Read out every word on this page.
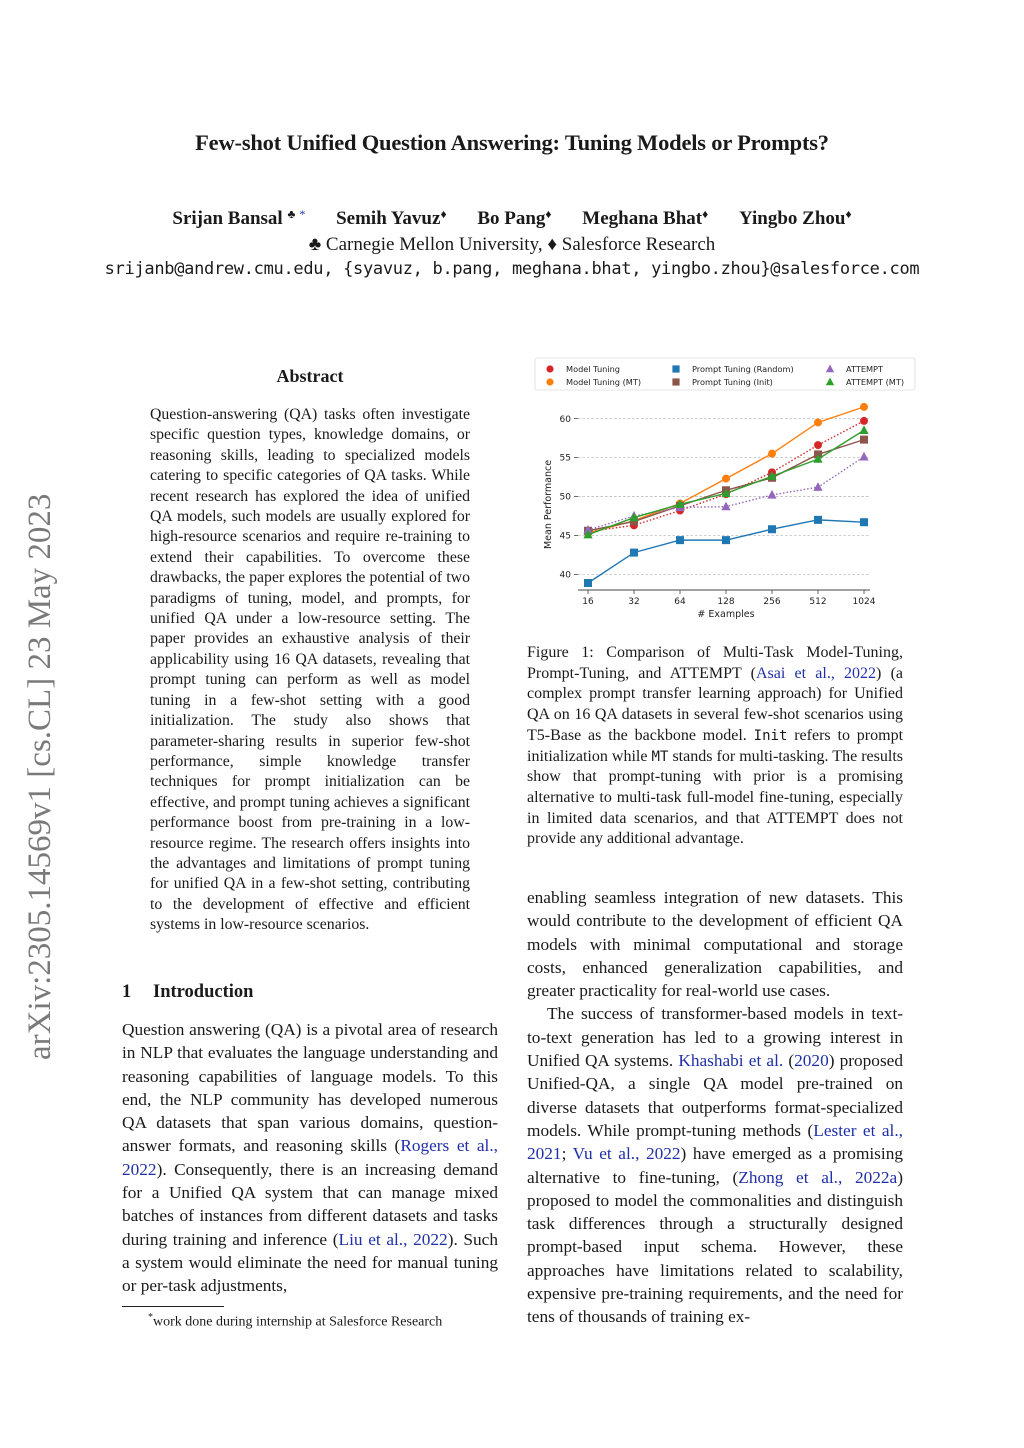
arXiv:2305.14569v1 [cs.CL] 23 May 2023
Few-shot Unified Question Answering: Tuning Models or Prompts?
Srijan Bansal ♣ * Semih Yavuz♦ Bo Pang♦ Meghana Bhat♦ Yingbo Zhou♦
♣ Carnegie Mellon University, ♦ Salesforce Research
srijanb@andrew.cmu.edu, {syavuz, b.pang, meghana.bhat, yingbo.zhou}@salesforce.com
Abstract
Question-answering (QA) tasks often investigate specific question types, knowledge domains, or reasoning skills, leading to specialized models catering to specific categories of QA tasks. While recent research has explored the idea of unified QA models, such models are usually explored for high-resource scenarios and require re-training to extend their capabilities. To overcome these drawbacks, the paper explores the potential of two paradigms of tuning, model, and prompts, for unified QA under a low-resource setting. The paper provides an exhaustive analysis of their applicability using 16 QA datasets, revealing that prompt tuning can perform as well as model tuning in a few-shot setting with a good initialization. The study also shows that parameter-sharing results in superior few-shot performance, simple knowledge transfer techniques for prompt initialization can be effective, and prompt tuning achieves a significant performance boost from pre-training in a low-resource regime. The research offers insights into the advantages and limitations of prompt tuning for unified QA in a few-shot setting, contributing to the development of effective and efficient systems in low-resource scenarios.
1 Introduction

Question answering (QA) is a pivotal area of research in NLP that evaluates the language understanding and reasoning capabilities of language models. To this end, the NLP community has developed numerous QA datasets that span various domains, question-answer formats, and reasoning skills (Rogers et al., 2022). Consequently, there is an increasing demand for a Unified QA system that can manage mixed batches of instances from different datasets and tasks during training and inference (Liu et al., 2022). Such a system would eliminate the need for manual tuning or per-task adjustments,

enabling seamless integration of new datasets. This would contribute to the development of efficient QA models with minimal computational and storage costs, enhanced generalization capabilities, and greater practicality for real-world use cases.

The success of transformer-based models in text-to-text generation has led to a growing interest in Unified QA systems. Khashabi et al. (2020) proposed Unified-QA, a single QA model pre-trained on diverse datasets that outperforms format-specialized models. While prompt-tuning methods (Lester et al., 2021; Vu et al., 2022) have emerged as a promising alternative to fine-tuning, (Zhong et al., 2022a) proposed to model the commonalities and distinguish task differences through a structurally designed prompt-based input schema. However, these approaches have limitations related to scalability, expensive pre-training requirements, and the need for tens of thousands of training ex-

*work done during internship at Salesforce Research
Figure 1: Comparison of Multi-Task Model-Tuning, Prompt-Tuning, and ATTEMPT (Asai et al., 2022) (a complex prompt transfer learning approach) for Unified QA on 16 QA datasets in several few-shot scenarios using T5-Base as the backbone model. Init refers to prompt initialization while MT stands for multi-tasking. The results show that prompt-tuning with prior is a promising alternative to multi-task full-model fine-tuning, especially in limited data scenarios, and that ATTEMPT does not provide any additional advantage.
Model Tuning
Model Tuning (MT)
Prompt Tuning (Random)
Prompt Tuning (Init)
ATTEMPT
ATTEMPT (MT)
40
45
50
55
60
16	32	64	128	256	512	1024
# Examples
Mean Performance
